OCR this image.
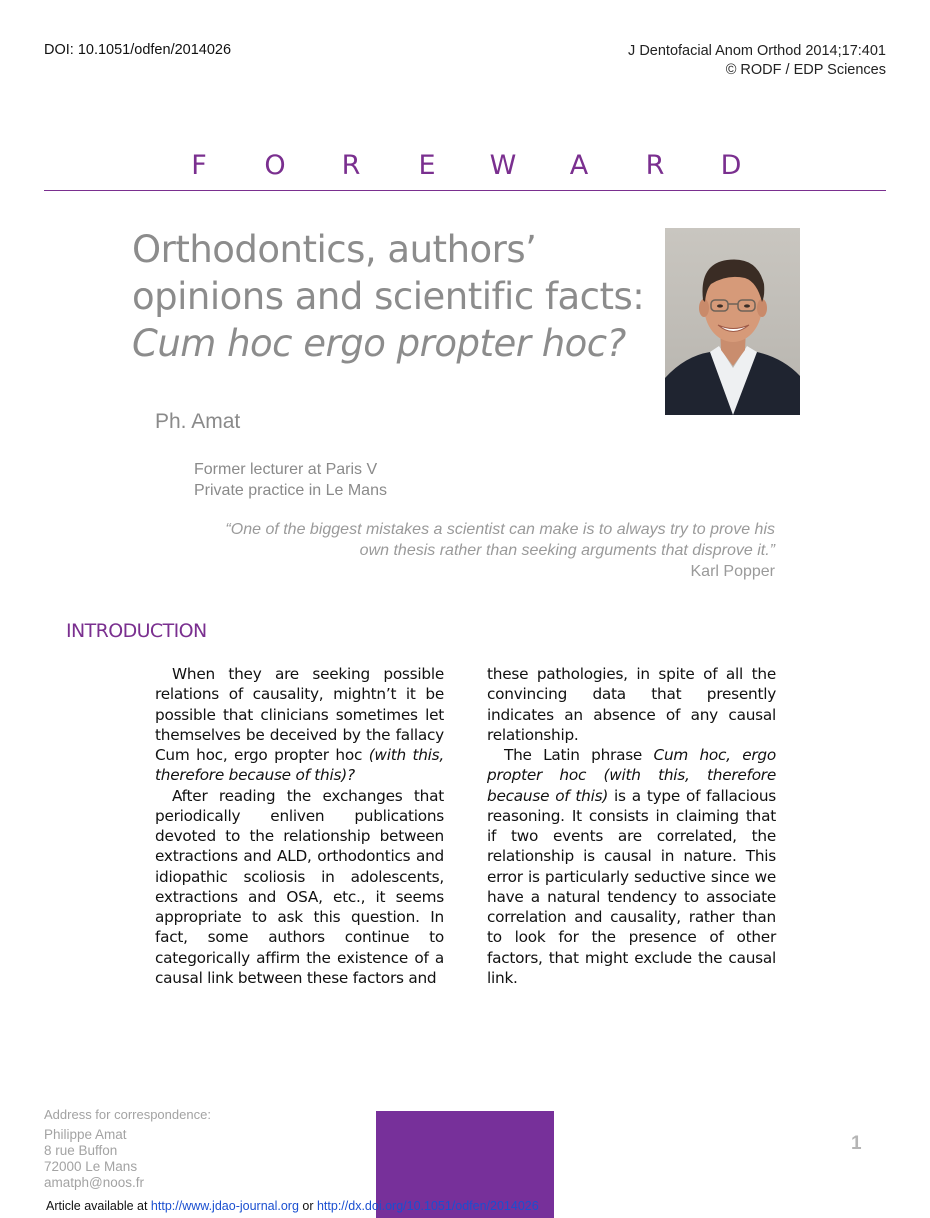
DOI: 10.1051/odfen/2014026	J Dentofacial Anom Orthod 2014;17:401
© RODF / EDP Sciences
F	O	R	E	W	A	R	D
Orthodontics, authors’
opinions and scientific facts:
Cum hoc ergo propter hoc?
Ph. Amat
Former lecturer at Paris V
Private practice in Le Mans
“One of the biggest mistakes a scientist can make is to always try to prove his own thesis rather than seeking arguments that disprove it.”
Karl Popper
INTRODUCTION

When they are seeking possible relations of causality, mightn’t it be possible that clinicians sometimes let themselves be deceived by the fallacy Cum hoc, ergo propter hoc (with this, therefore because of this)?

After reading the exchanges that periodically enliven publications devoted to the relationship between extractions and ALD, orthodontics and idiopathic scoliosis in adolescents, extractions and OSA, etc., it seems appropriate to ask this question. In fact, some authors continue to categorically affirm the existence of a causal link between these factors and

these pathologies, in spite of all the convincing data that presently indicates an absence of any causal relationship.

The Latin phrase Cum hoc, ergo propter hoc (with this, therefore because of this) is a type of fallacious reasoning. It consists in claiming that if two events are correlated, the relationship is causal in nature. This error is particularly seductive since we have a natural tendency to associate correlation and causality, rather than to look for the presence of other factors, that might exclude the causal link.

Address for correspondence:
Philippe Amat
8 rue Buffon
72000 Le Mans
amatph@noos.fr
1
Article available at http://www.jdao-journal.org or http://dx.doi.org/10.1051/odfen/2014026
